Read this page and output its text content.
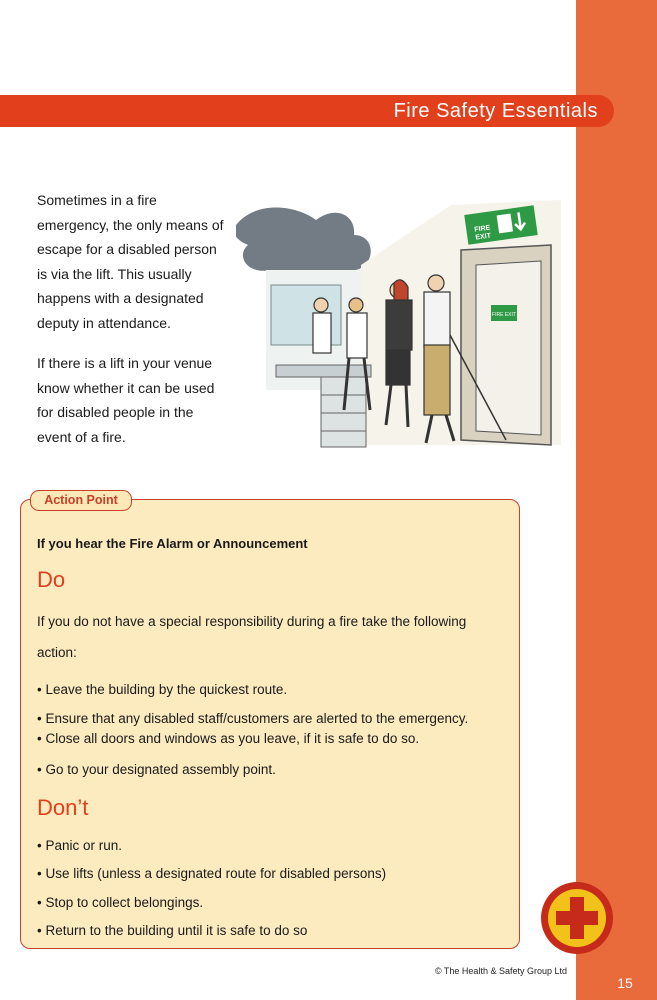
Fire Safety Essentials

Sometimes in a fire emergency, the only means of escape for a disabled person is via the lift. This usually happens with a designated deputy in attendance.

If there is a lift in your venue know whether it can be used for disabled people in the event of a fire.

FIRE EXIT
FIRE
EXIT
Action Point
If you hear the Fire Alarm or Announcement
Do
If you do not have a special responsibility during a fire take the following action:
• Leave the building by the quickest route.
• Ensure that any disabled staff/customers are alerted to the emergency.
• Close all doors and windows as you leave, if it is safe to do so.
• Go to your designated assembly point.
Don’t
• Panic or run.
• Use lifts (unless a designated route for disabled persons)
• Stop to collect belongings.
• Return to the building until it is safe to do so
© The Health & Safety Group Ltd
15
